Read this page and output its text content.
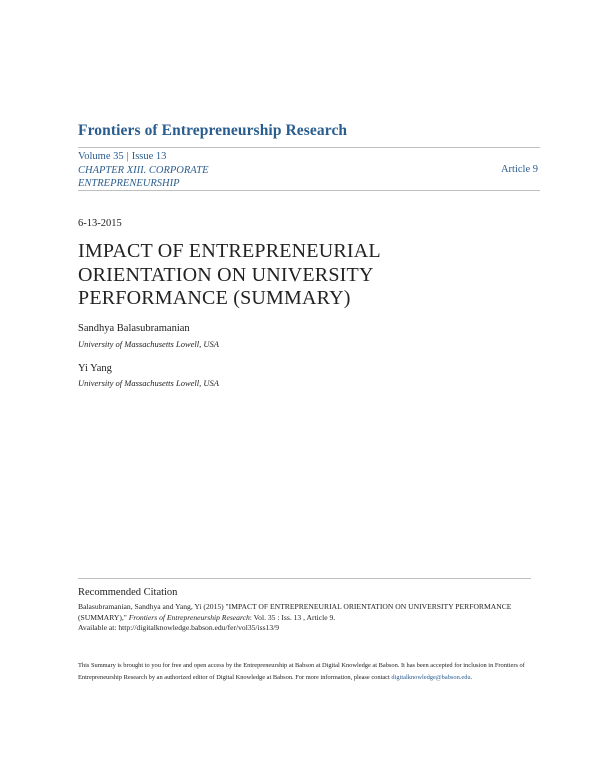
Frontiers of Entrepreneurship Research
Volume 35 | Issue 13
CHAPTER XIII. CORPORATE ENTREPRENEURSHIP
Article 9
6-13-2015
IMPACT OF ENTREPRENEURIAL ORIENTATION ON UNIVERSITY PERFORMANCE (SUMMARY)
Sandhya Balasubramanian
University of Massachusetts Lowell, USA
Yi Yang
University of Massachusetts Lowell, USA
Recommended Citation
Balasubramanian, Sandhya and Yang, Yi (2015) "IMPACT OF ENTREPRENEURIAL ORIENTATION ON UNIVERSITY PERFORMANCE (SUMMARY)," Frontiers of Entrepreneurship Research: Vol. 35 : Iss. 13 , Article 9.
Available at: http://digitalknowledge.babson.edu/fer/vol35/iss13/9
This Summary is brought to you for free and open access by the Entrepreneurship at Babson at Digital Knowledge at Babson. It has been accepted for inclusion in Frontiers of Entrepreneurship Research by an authorized editor of Digital Knowledge at Babson. For more information, please contact digitalknowledge@babson.edu.
